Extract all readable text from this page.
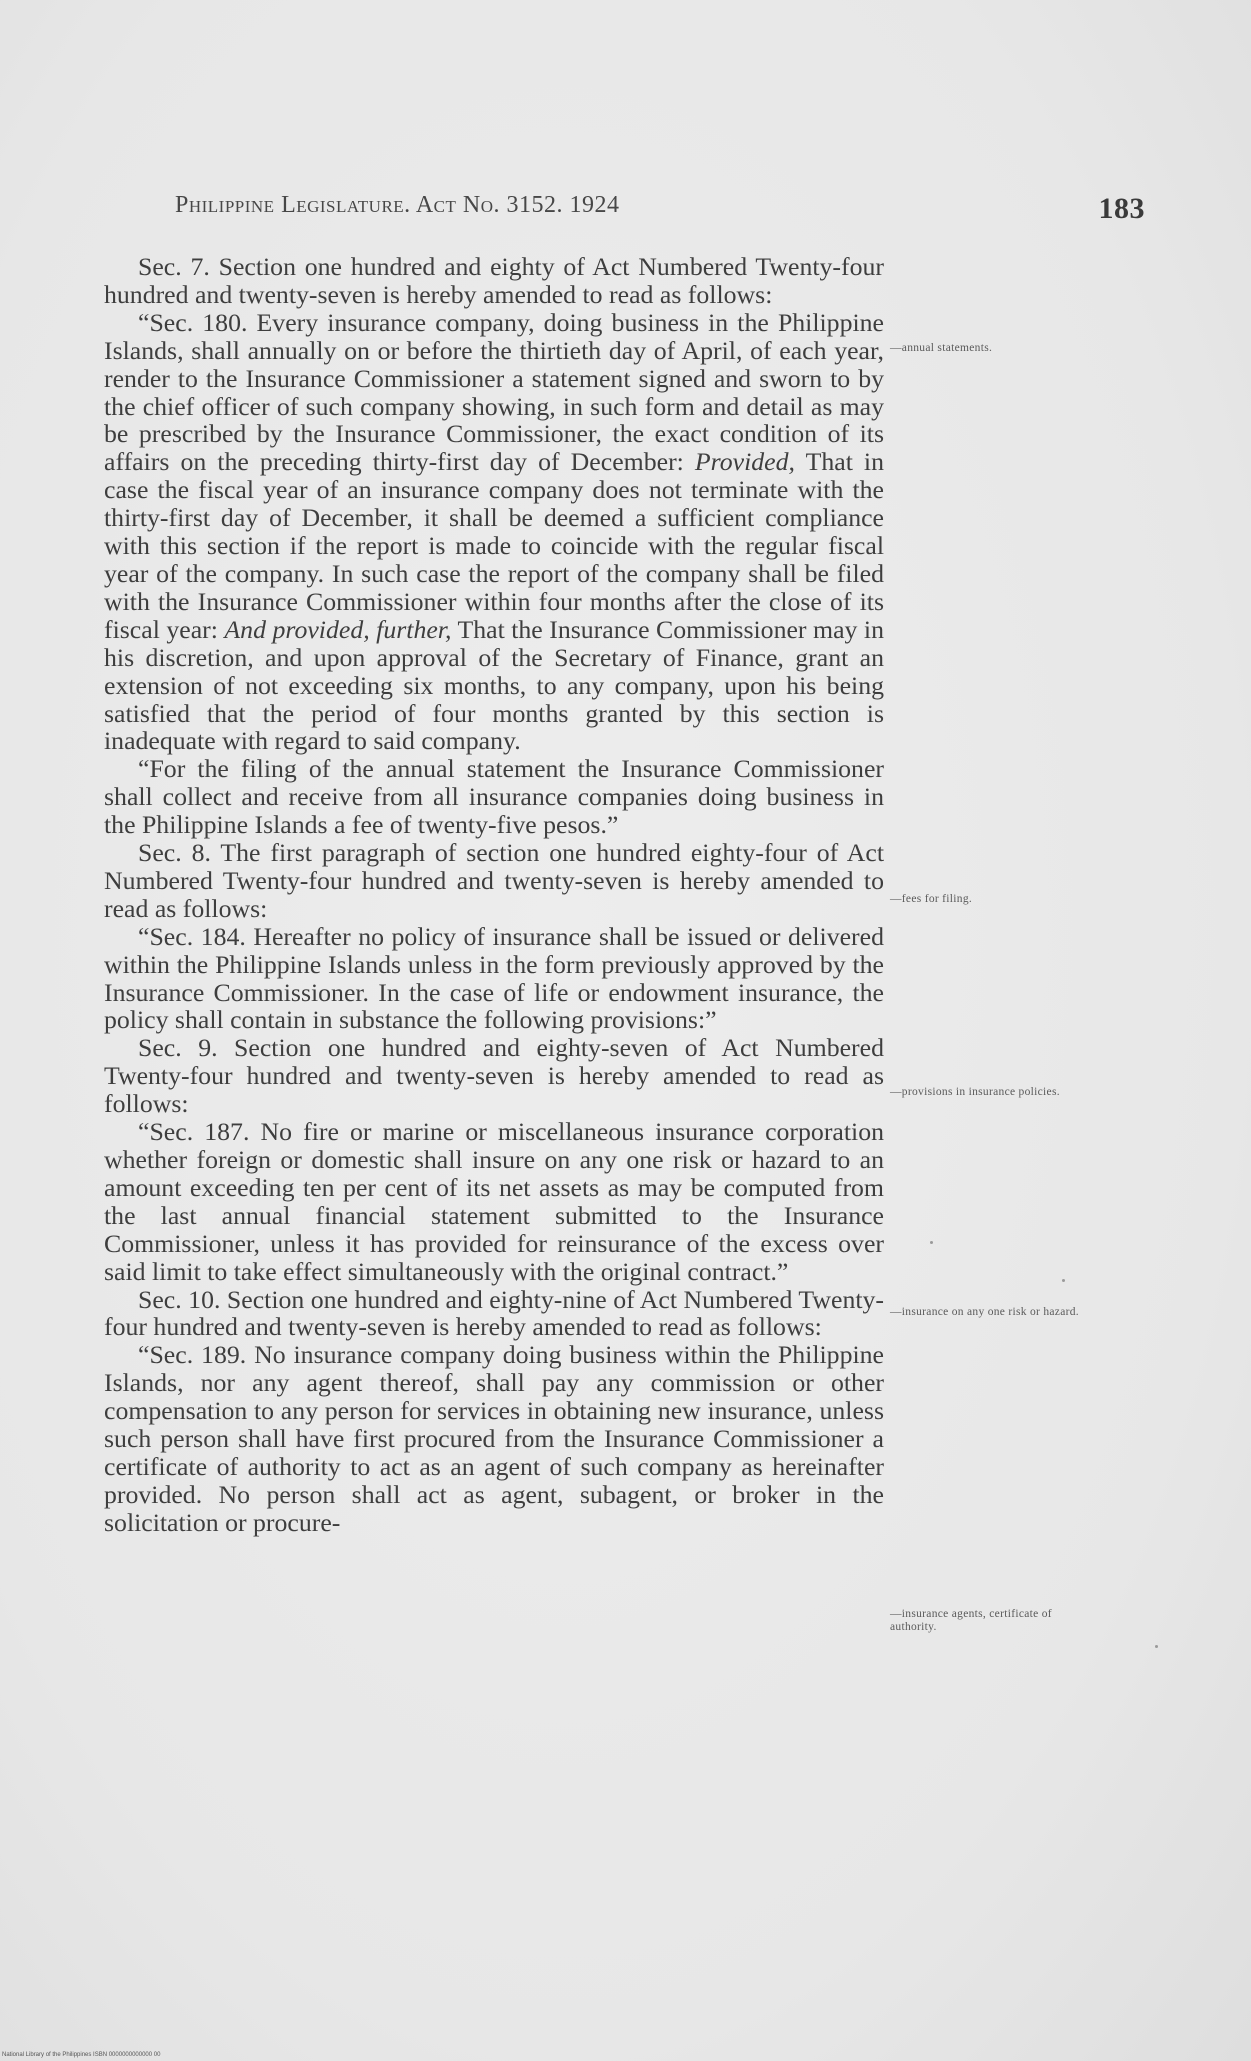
Philippine Legislature. Act No. 3152. 1924	183

Sec. 7. Section one hundred and eighty of Act Numbered Twenty-four hundred and twenty-seven is hereby amended to read as follows:

“Sec. 180. Every insurance company, doing business in the Philippine Islands, shall annually on or before the thirtieth day of April, of each year, render to the Insurance Commissioner a statement signed and sworn to by the chief officer of such company showing, in such form and detail as may be prescribed by the Insurance Commissioner, the exact condition of its affairs on the preceding thirty-first day of December: Provided, That in case the fiscal year of an insurance company does not terminate with the thirty-first day of December, it shall be deemed a sufficient compliance with this section if the report is made to coincide with the regular fiscal year of the company. In such case the report of the company shall be filed with the Insurance Commissioner within four months after the close of its fiscal year: And provided, further, That the Insurance Commissioner may in his discretion, and upon approval of the Secretary of Finance, grant an extension of not exceeding six months, to any company, upon his being satisfied that the period of four months granted by this section is inadequate with regard to said company.

“For the filing of the annual statement the Insurance Commissioner shall collect and receive from all insurance companies doing business in the Philippine Islands a fee of twenty-five pesos.”

Sec. 8. The first paragraph of section one hundred eighty-four of Act Numbered Twenty-four hundred and twenty-seven is hereby amended to read as follows:

“Sec. 184. Hereafter no policy of insurance shall be issued or delivered within the Philippine Islands unless in the form previously approved by the Insurance Commissioner. In the case of life or endowment insurance, the policy shall contain in substance the following provisions:”

Sec. 9. Section one hundred and eighty-seven of Act Numbered Twenty-four hundred and twenty-seven is hereby amended to read as follows:

“Sec. 187. No fire or marine or miscellaneous insurance corporation whether foreign or domestic shall insure on any one risk or hazard to an amount exceeding ten per cent of its net assets as may be computed from the last annual financial statement submitted to the Insurance Commissioner, unless it has provided for reinsurance of the excess over said limit to take effect simultaneously with the original contract.”

Sec. 10. Section one hundred and eighty-nine of Act Numbered Twenty-four hundred and twenty-seven is hereby amended to read as follows:

“Sec. 189. No insurance company doing business within the Philippine Islands, nor any agent thereof, shall pay any commission or other compensation to any person for services in obtaining new insurance, unless such person shall have first procured from the Insurance Commissioner a certificate of authority to act as an agent of such company as hereinafter provided. No person shall act as agent, subagent, or broker in the solicitation or procure-

—annual statements.
—fees for filing.
—provisions in insurance policies.
—insurance on any one risk or hazard.
—insurance agents, certificate of authority.
National Library of the Philippines ISBN 0000000000000 00
